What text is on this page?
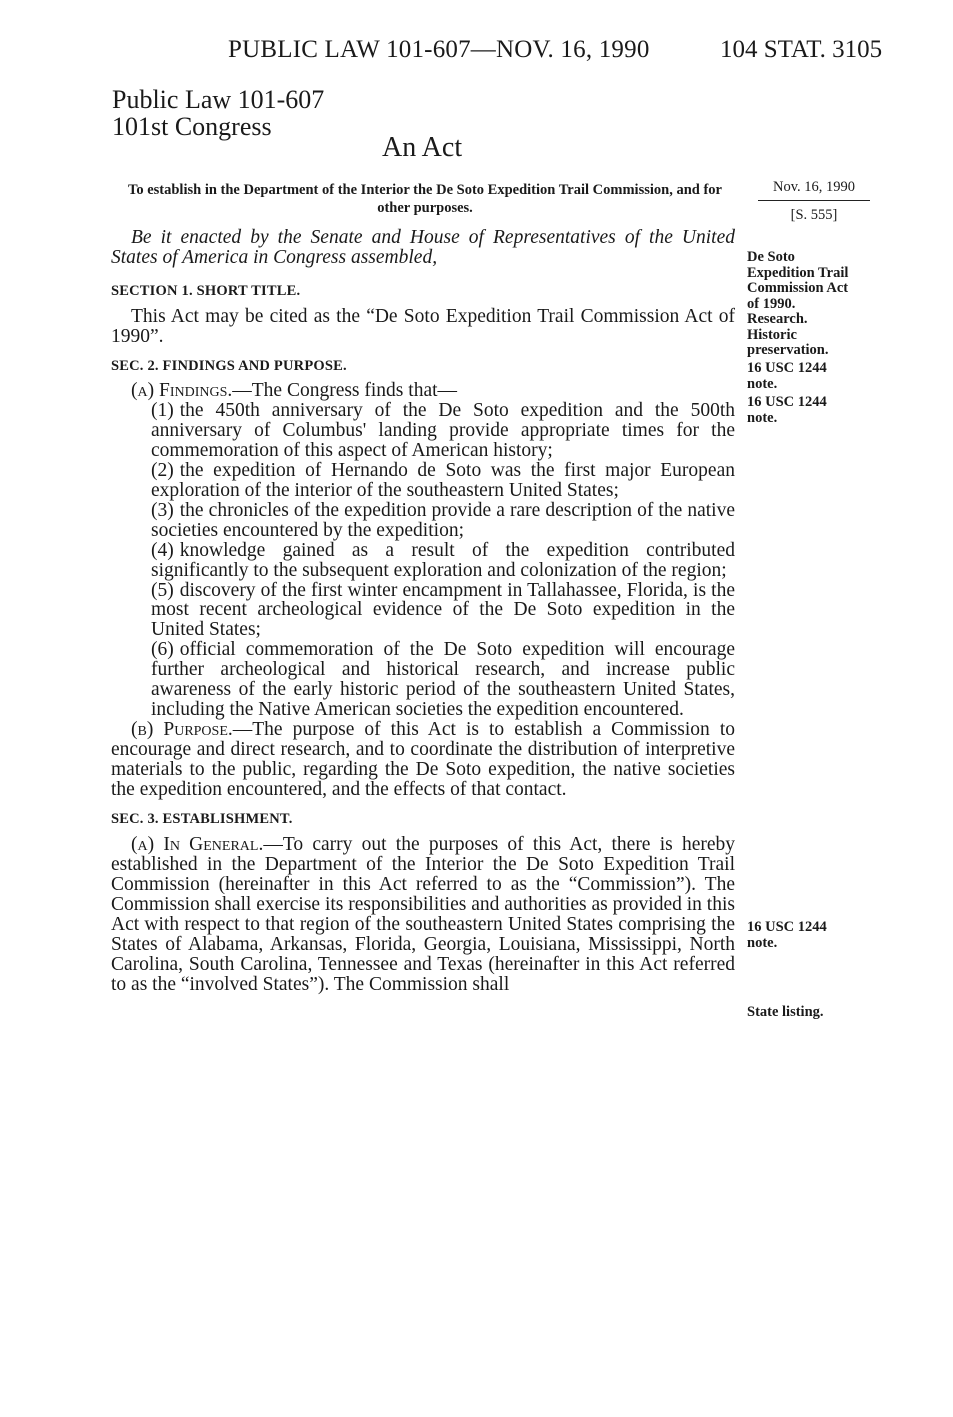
PUBLIC LAW 101-607—NOV. 16, 1990	104 STAT. 3105
Public Law 101-607
101st Congress
An Act
To establish in the Department of the Interior the De Soto Expedition Trail Commission, and for other purposes.
Nov. 16, 1990
[S. 555]

Be it enacted by the Senate and House of Representatives of the United States of America in Congress assembled,

SECTION 1. SHORT TITLE.

This Act may be cited as the “De Soto Expedition Trail Commission Act of 1990”.

SEC. 2. FINDINGS AND PURPOSE.

(a) Findings.—The Congress finds that—

(1) the 450th anniversary of the De Soto expedition and the 500th anniversary of Columbus' landing provide appropriate times for the commemoration of this aspect of American history;

(2) the expedition of Hernando de Soto was the first major European exploration of the interior of the southeastern United States;

(3) the chronicles of the expedition provide a rare description of the native societies encountered by the expedition;

(4) knowledge gained as a result of the expedition contributed significantly to the subsequent exploration and colonization of the region;

(5) discovery of the first winter encampment in Tallahassee, Florida, is the most recent archeological evidence of the De Soto expedition in the United States;

(6) official commemoration of the De Soto expedition will encourage further archeological and historical research, and increase public awareness of the early historic period of the southeastern United States, including the Native American societies the expedition encountered.

(b) Purpose.—The purpose of this Act is to establish a Commission to encourage and direct research, and to coordinate the distribution of interpretive materials to the public, regarding the De Soto expedition, the native societies the expedition encountered, and the effects of that contact.

SEC. 3. ESTABLISHMENT.

(a) In General.—To carry out the purposes of this Act, there is hereby established in the Department of the Interior the De Soto Expedition Trail Commission (hereinafter in this Act referred to as the “Commission”). The Commission shall exercise its responsibilities and authorities as provided in this Act with respect to that region of the southeastern United States comprising the States of Alabama, Arkansas, Florida, Georgia, Louisiana, Mississippi, North Carolina, South Carolina, Tennessee and Texas (hereinafter in this Act referred to as the “involved States”). The Commission shall

De Soto
Expedition Trail
Commission Act
of 1990.
Research.
Historic
preservation.
16 USC 1244
note.
16 USC 1244
note.
16 USC 1244
note.
State listing.
